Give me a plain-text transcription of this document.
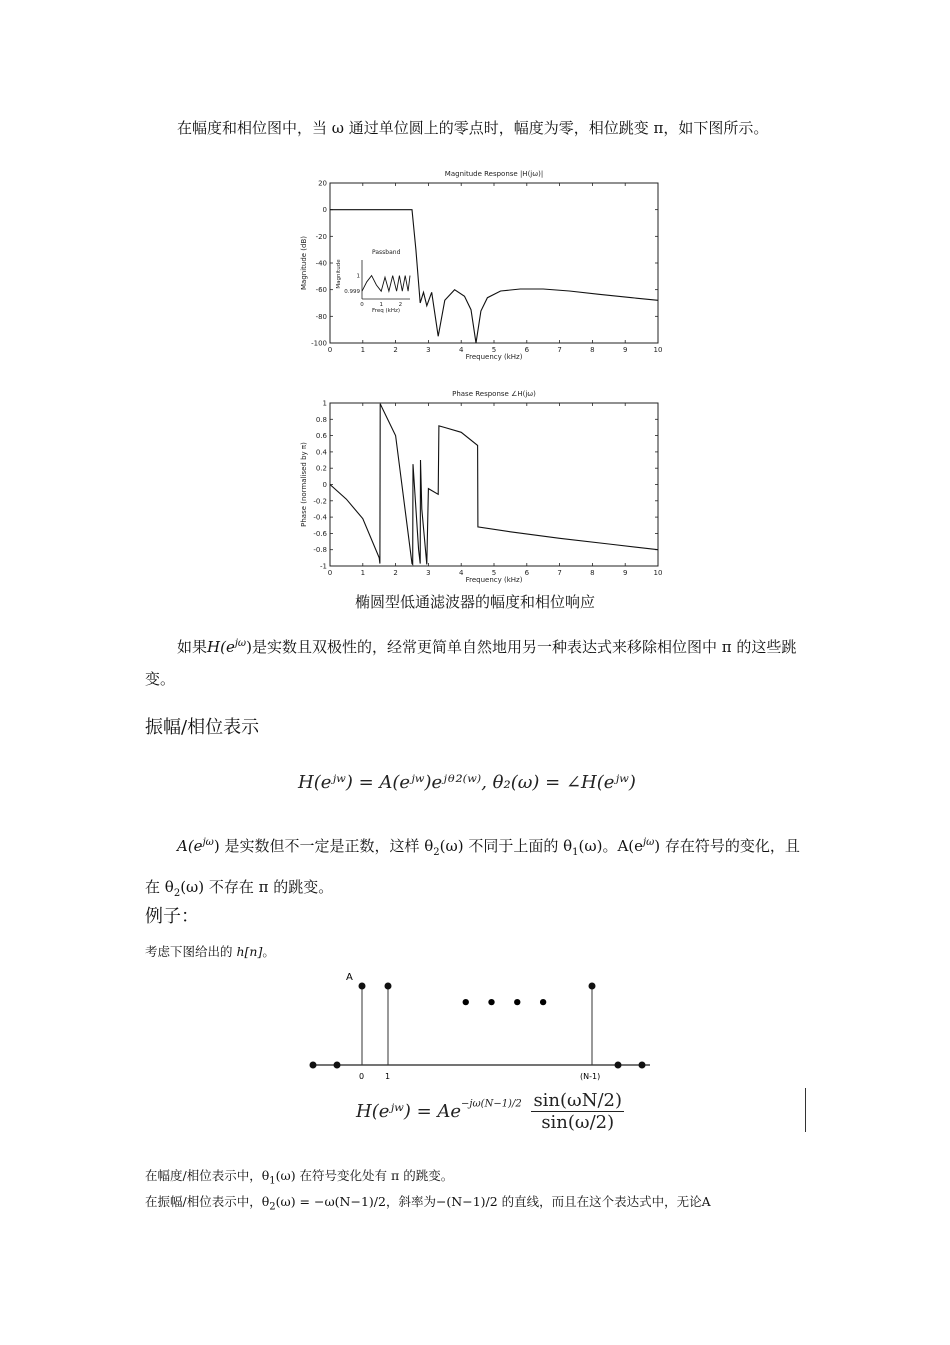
在幅度和相位图中，当 ω 通过单位圆上的零点时，幅度为零，相位跳变 π，如下图所示。

Magnitude Response |H(jω)|
0	1	2	3	4	5	6	7	8	9	10
20
0
-20
-40
-60
-80
-100
Frequency (kHz)
Magnitude (dB)	Passband
0	1	2
1
0.999
Freq (kHz)
Magnitude
Phase Response ∠H(jω)
0	1	2	3	4	5	6	7	8	9	10
1
0.8
0.6
0.4
0.2
0
-0.2
-0.4
-0.6
-0.8
-1
Frequency (kHz)
Phase (normalised by π)
椭圆型低通滤波器的幅度和相位响应

如果$H(e^{j\omega})$是实数且双极性的，经常更简单自然地用另一种表达式来移除相位图中 π 的这些跳变。

振幅/相位表示
H(eʲʷ) = A(eʲʷ)eʲᶿ²⁽ʷ⁾, θ₂(ω) = ∠H(eʲʷ)

$A(e^{j\omega})$ 是实数但不一定是正数，这样 $\theta_2(\omega)$ 不同于上面的 $\theta_1(\omega)$。$A(e^{j\omega})$ 存在符号的变化，且在 $\theta_2(\omega)$ 不存在 π 的跳变。

例子：

考虑下图给出的 h[n]。

A
• • • •
0	1	(N-1)
H(eʲʷ) = $Ae^{-j\omega(N-1)/2} \frac{\sin(\omega N/2)}{\sin(\omega/2)}$

在幅度/相位表示中，$\theta_1(\omega)$ 在符号变化处有 π 的跳变。

在振幅/相位表示中，$\theta_2(\omega) = -\omega(N-1)/2$，斜率为−(N−1)/2 的直线，而且在这个表达式中，无论A
